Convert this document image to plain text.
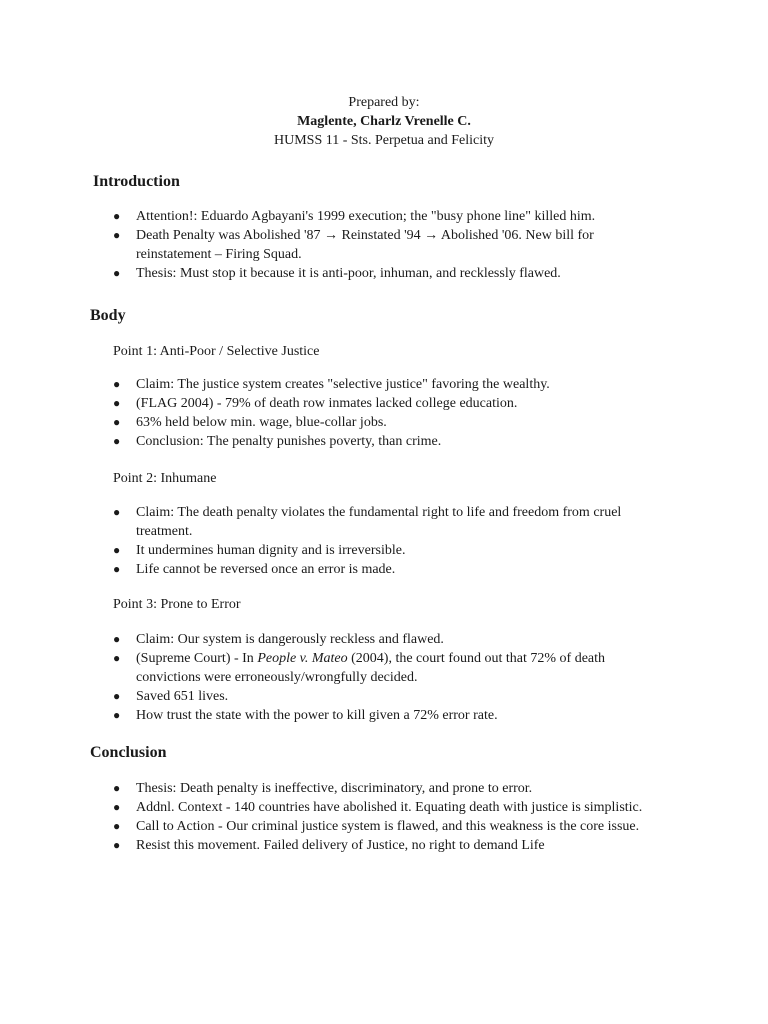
Prepared by:
Maglente, Charlz Vrenelle C.
HUMSS 11 - Sts. Perpetua and Felicity
Introduction
● Attention!: Eduardo Agbayani's 1999 execution; the "busy phone line" killed him.
● Death Penalty was Abolished '87 → Reinstated '94 → Abolished '06. New bill for reinstatement – Firing Squad.
● Thesis: Must stop it because it is anti-poor, inhuman, and recklessly flawed.
Body

Point 1: Anti-Poor / Selective Justice

● Claim: The justice system creates "selective justice" favoring the wealthy.
● (FLAG 2004) - 79% of death row inmates lacked college education.
● 63% held below min. wage, blue-collar jobs.
● Conclusion: The penalty punishes poverty, than crime.

Point 2: Inhumane

● Claim: The death penalty violates the fundamental right to life and freedom from cruel treatment.
● It undermines human dignity and is irreversible.
● Life cannot be reversed once an error is made.

Point 3: Prone to Error

● Claim: Our system is dangerously reckless and flawed.
● (Supreme Court) - In People v. Mateo (2004), the court found out that 72% of death convictions were erroneously/wrongfully decided.
● Saved 651 lives.
● How trust the state with the power to kill given a 72% error rate.
Conclusion
● Thesis: Death penalty is ineffective, discriminatory, and prone to error.
● Addnl. Context - 140 countries have abolished it. Equating death with justice is simplistic.
● Call to Action - Our criminal justice system is flawed, and this weakness is the core issue.
● Resist this movement. Failed delivery of Justice, no right to demand Life
